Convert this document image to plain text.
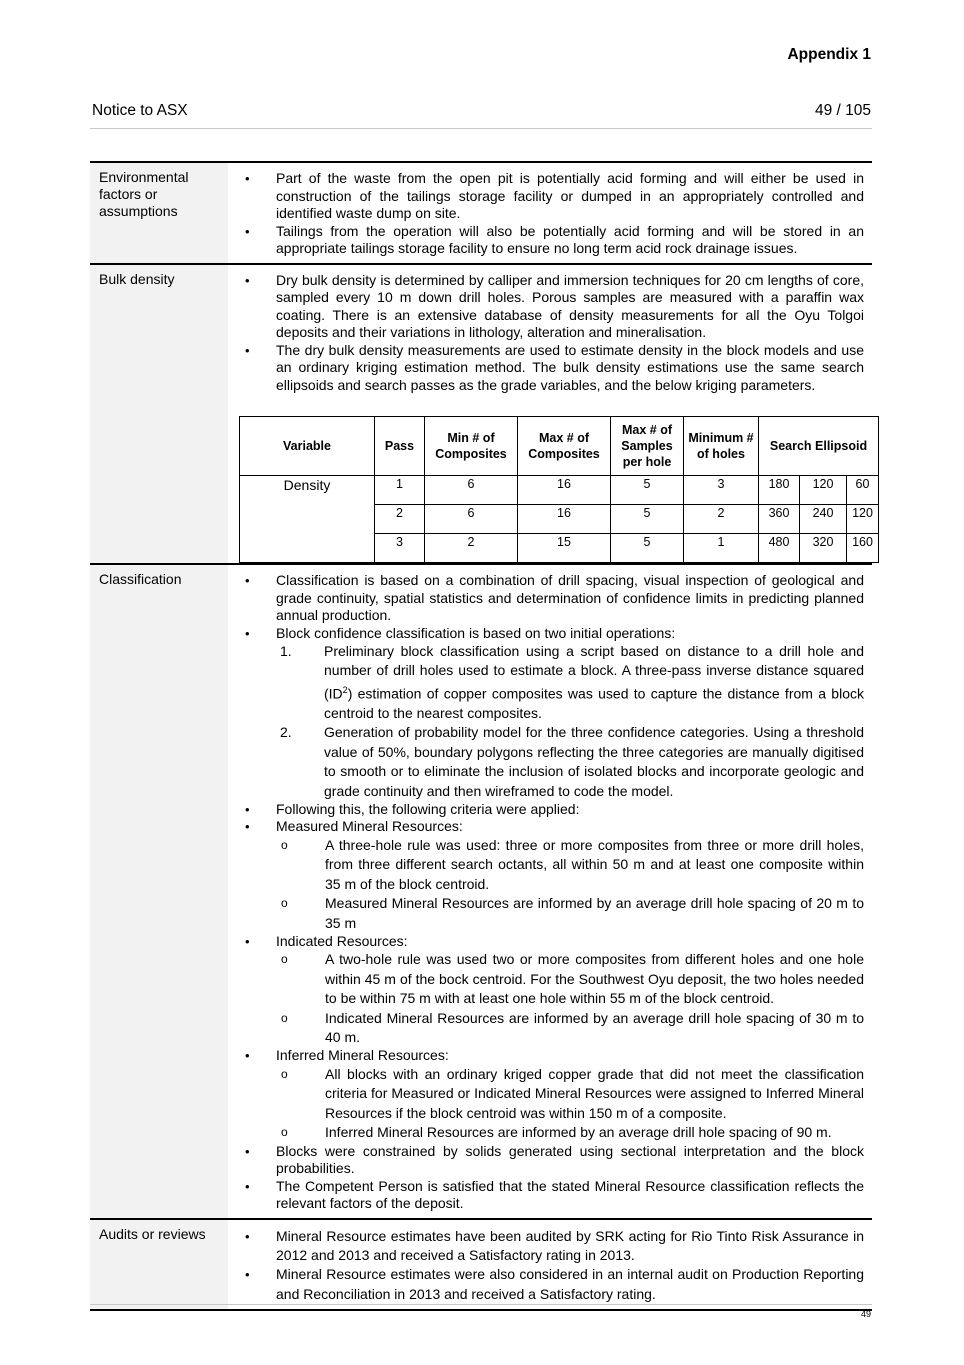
Appendix 1
Notice to ASX	49 / 105
Environmental factors or assumptions	
• Part of the waste from the open pit is potentially acid forming and will either be used in construction of the tailings storage facility or dumped in an appropriately controlled and identified waste dump on site.
• Tailings from the operation will also be potentially acid forming and will be stored in an appropriate tailings storage facility to ensure no long term acid rock drainage issues.

Bulk density	
•Dry bulk density is determined by calliper and immersion techniques for 20 cm lengths of core, sampled every 10 m down drill holes. Porous samples are measured with a paraffin wax coating. There is an extensive database of density measurements for all the Oyu Tolgoi deposits and their variations in lithology, alteration and mineralisation.
• The dry bulk density measurements are used to estimate density in the block models and use an ordinary kriging estimation method. The bulk density estimations use the same search ellipsoids and search passes as the grade variables, and the below kriging parameters.
Variable	Pass	Min # of Composites	Max # of Composites	Max # of Samples per hole	Minimum # of holes	Search Ellipsoid
Density	1	6	16	5	3	180	120	60
2	6	16	5	2	360	240	120
3	2	15	5	1	480	320	160

Classification	
•Classification is based on a combination of drill spacing, visual inspection of geological and grade continuity, spatial statistics and determination of confidence limits in predicting planned annual production.
• Block confidence classification is based on two initial operations:
1. Preliminary block classification using a script based on distance to a drill hole and number of drill holes used to estimate a block. A three-pass inverse distance squared $(ID^2)$ estimation of copper composites was used to capture the distance from a block centroid to the nearest composites.
2. Generation of probability model for the three confidence categories. Using a threshold value of 50%, boundary polygons reflecting the three categories are manually digitised to smooth or to eliminate the inclusion of isolated blocks and incorporate geologic and grade continuity and then wireframed to code the model.
• Following this, the following criteria were applied:
• Measured Mineral Resources:
o A three-hole rule was used: three or more composites from three or more drill holes, from three different search octants, all within 50 m and at least one composite within 35 m of the block centroid.
o Measured Mineral Resources are informed by an average drill hole spacing of 20 m to 35 m
• Indicated Resources:
o A two-hole rule was used two or more composites from different holes and one hole within 45 m of the bock centroid. For the Southwest Oyu deposit, the two holes needed to be within 75 m with at least one hole within 55 m of the block centroid.
o Indicated Mineral Resources are informed by an average drill hole spacing of 30 m to 40 m.
• Inferred Mineral Resources:
o All blocks with an ordinary kriged copper grade that did not meet the classification criteria for Measured or Indicated Mineral Resources were assigned to Inferred Mineral Resources if the block centroid was within 150 m of a composite.
o Inferred Mineral Resources are informed by an average drill hole spacing of 90 m.
• Blocks were constrained by solids generated using sectional interpretation and the block probabilities.
• The Competent Person is satisfied that the stated Mineral Resource classification reflects the relevant factors of the deposit.

Audits or reviews	
•Mineral Resource estimates have been audited by SRK acting for Rio Tinto Risk Assurance in 2012 and 2013 and received a Satisfactory rating in 2013.
• Mineral Resource estimates were also considered in an internal audit on Production Reporting and Reconciliation in 2013 and received a Satisfactory rating.
49
